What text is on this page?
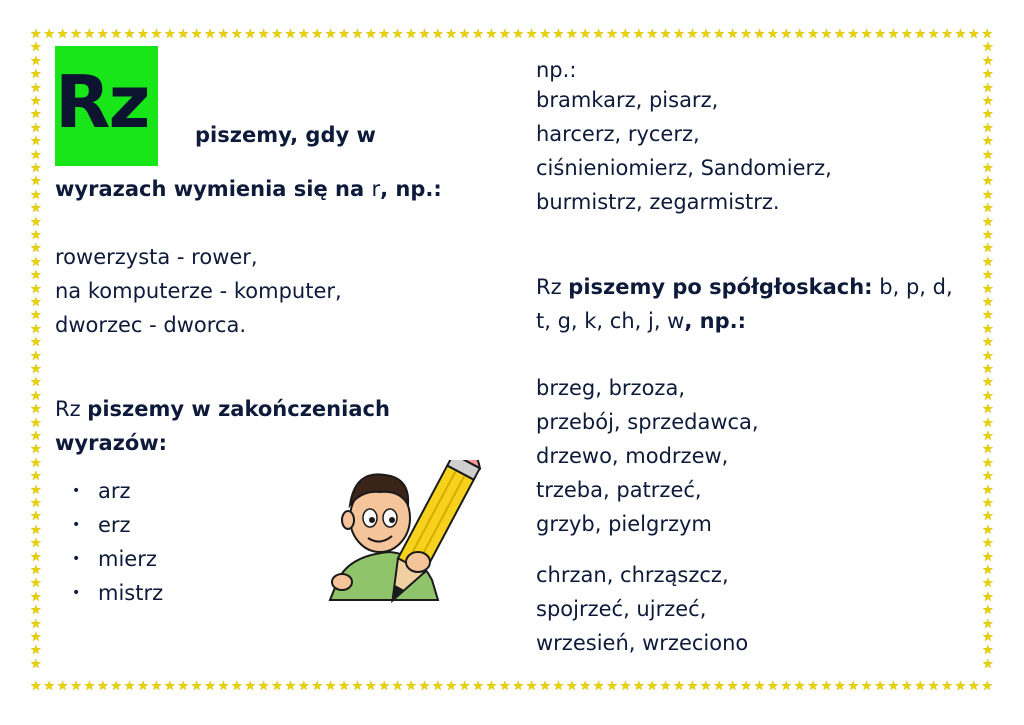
★
★
★
★
★
★
★
★
★
★
★
★
★
★
★
★
★
★
★
★
★
★
★
★
★
★
★
★
★
★
★
★
★
★
★
★
★
★
★
★
★
★
★
★
★
★
★
★
★
★
★
★
★
★
★
★
★
★
★
★
★
★
★
★
★
★
★
★
★
★
★
★
★
★
★
★
★
★
★
★
★
★
★
★
★
★
★
★
★
★
★
★
★
★
★
★
★
★
★
★
★
★
★
★
★
★
★
★
★
★
★
★
★
★
★
★
★
★
★
★
★
★
★
★
★
★
★
★
★
★
★
★
★
★
★
★
★
★
★
★
★
★
★
★
★	★
★	★
★	★
★	★
★	★
★	★
★	★
★	★
★	★
★	★
★	★
★	★
★	★
★	★
★	★
★	★
★	★
★	★
★	★
★	★
★	★
★	★
★	★
★	★
★	★
★	★
★	★
★	★
★	★
★	★
★	★
★	★
★	★
★	★
★	★
★	★
★	★
★	★
★	★
★	★
★	★
★	★
★	★
★	★
★	★
★	★
★	★
Rz piszemy, gdy w
wyrazach wymienia się na r, np.:
rowerzysta - rower,
na komputerze - komputer,
dworzec - dworca.
Rz piszemy w zakończeniach
wyrazów:
• arz
• erz
• mierz
• mistrz
np.:
bramkarz, pisarz,
harcerz, rycerz,
ciśnieniomierz, Sandomierz,
burmistrz, zegarmistrz.
Rz piszemy po spółgłoskach: b, p, d,
t, g, k, ch, j, w, np.:
brzeg, brzoza,
przebój, sprzedawca,
drzewo, modrzew,
trzeba, patrzeć,
grzyb, pielgrzym
chrzan, chrząszcz,
spojrzeć, ujrzeć,
wrzesień, wrzeciono
